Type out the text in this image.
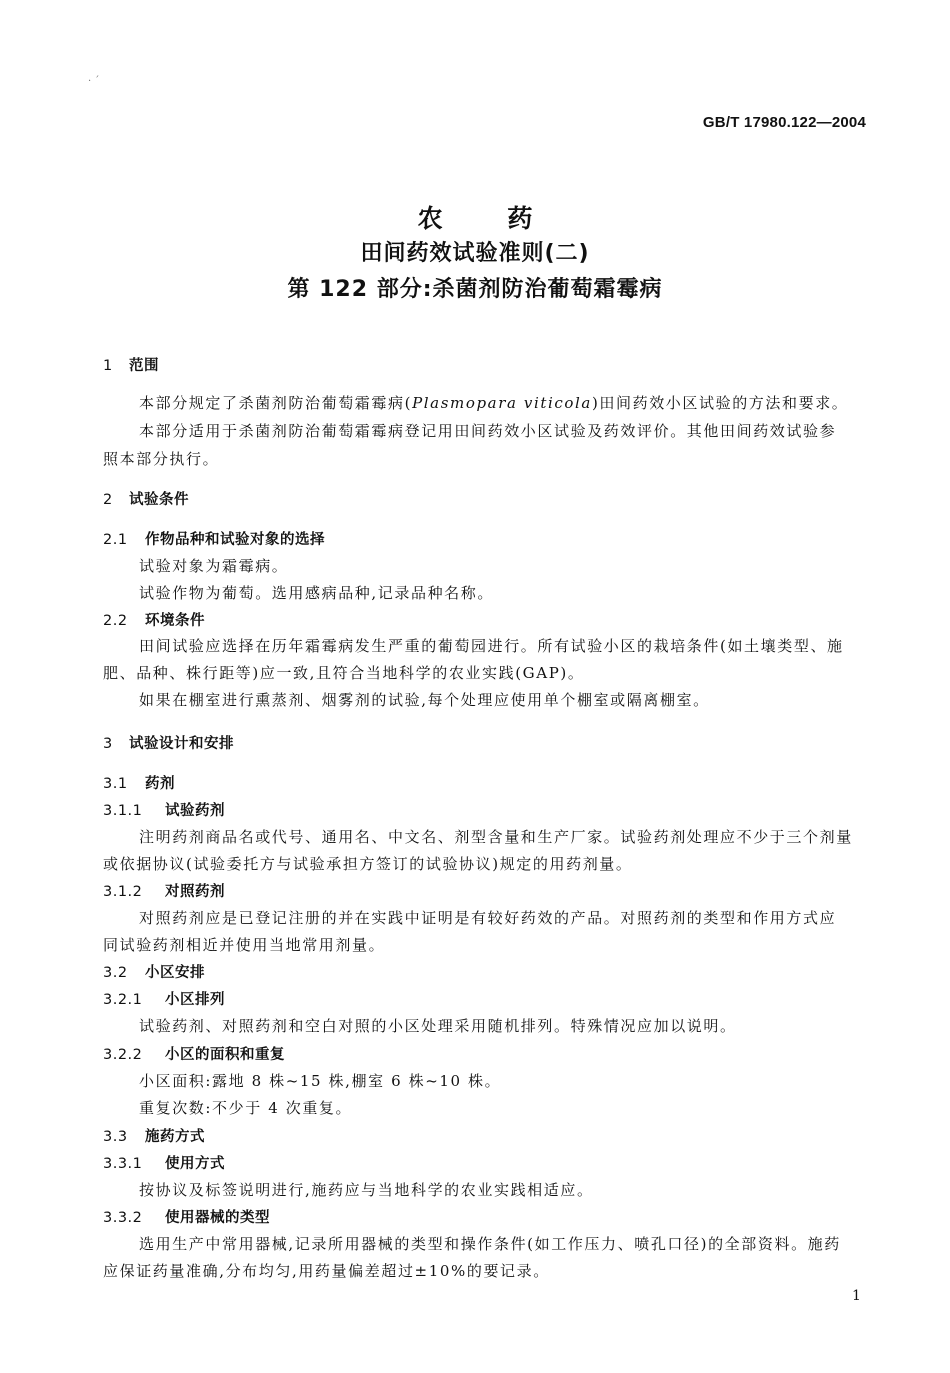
· ˊ
GB/T 17980.122—2004
农 药
田间药效试验准则(二)
第 122 部分:杀菌剂防治葡萄霜霉病
1 范围
本部分规定了杀菌剂防治葡萄霜霉病(Plasmopara viticola)田间药效小区试验的方法和要求。
本部分适用于杀菌剂防治葡萄霜霉病登记用田间药效小区试验及药效评价。其他田间药效试验参
照本部分执行。
2 试验条件
2.1 作物品种和试验对象的选择
试验对象为霜霉病。
试验作物为葡萄。选用感病品种,记录品种名称。
2.2 环境条件
田间试验应选择在历年霜霉病发生严重的葡萄园进行。所有试验小区的栽培条件(如土壤类型、施
肥、品种、株行距等)应一致,且符合当地科学的农业实践(GAP)。
如果在棚室进行熏蒸剂、烟雾剂的试验,每个处理应使用单个棚室或隔离棚室。
3 试验设计和安排
3.1 药剂
3.1.1 试验药剂
注明药剂商品名或代号、通用名、中文名、剂型含量和生产厂家。试验药剂处理应不少于三个剂量
或依据协议(试验委托方与试验承担方签订的试验协议)规定的用药剂量。
3.1.2 对照药剂
对照药剂应是已登记注册的并在实践中证明是有较好药效的产品。对照药剂的类型和作用方式应
同试验药剂相近并使用当地常用剂量。
3.2 小区安排
3.2.1 小区排列
试验药剂、对照药剂和空白对照的小区处理采用随机排列。特殊情况应加以说明。
3.2.2 小区的面积和重复
小区面积:露地 8 株~15 株,棚室 6 株~10 株。
重复次数:不少于 4 次重复。
3.3 施药方式
3.3.1 使用方式
按协议及标签说明进行,施药应与当地科学的农业实践相适应。
3.3.2 使用器械的类型
选用生产中常用器械,记录所用器械的类型和操作条件(如工作压力、喷孔口径)的全部资料。施药
应保证药量准确,分布均匀,用药量偏差超过±10%的要记录。
1
